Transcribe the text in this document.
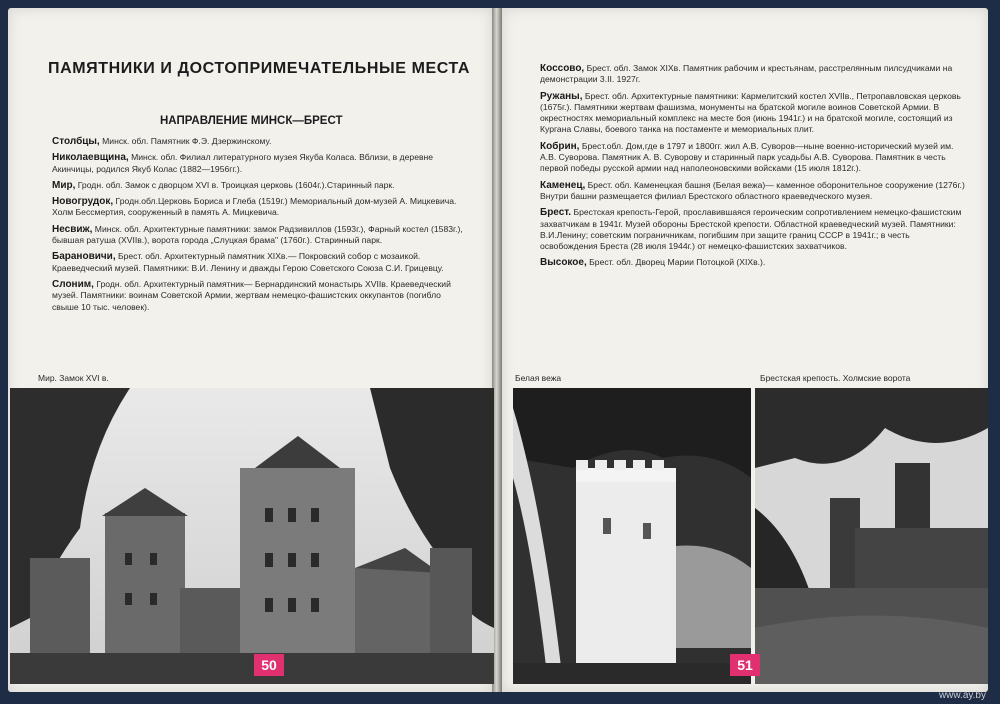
ПАМЯТНИКИ И ДОСТОПРИМЕЧАТЕЛЬНЫЕ МЕСТА
НАПРАВЛЕНИЕ МИНСК—БРЕСТ

Столбцы, Минск. обл. Памятник Ф.Э. Дзержинскому.

Николаевщина, Минск. обл. Филиал литературного музея Якуба Коласа. Вблизи, в деревне Акинчицы, родился Якуб Колас (1882—1956гг.).

Мир, Гродн. обл. Замок с дворцом XVI в. Троицкая церковь (1604г.).Старинный парк.

Новогрудок, Гродн.обл.Церковь Бориса и Глеба (1519г.) Мемориальный дом-музей А. Мицкевича. Холм Бессмертия, сооруженный в память А. Мицкевича.

Несвиж, Минск. обл. Архитектурные памятники: замок Радзивиллов (1593г.), Фарный костел (1583г.), бывшая ратуша (XVIIв.), ворота города „Слуцкая брама" (1760г.). Старинный парк.

Барановичи, Брест. обл. Архитектурный памятник XIXв.— Покровский собор с мозаикой. Краеведческий музей. Памятники: В.И. Ленину и дважды Герою Советского Союза С.И. Грицевцу.

Слоним, Гродн. обл. Архитектурный памятник— Бернардинский монастырь XVIIв. Краеведческий музей. Памятники: воинам Советской Армии, жертвам немецко-фашистских оккупантов (погибло свыше 10 тыс. человек).

Коссово, Брест. обл. Замок XIXв. Памятник рабочим и крестьянам, расстрелянным пилсудчиками на демонстрации 3.II. 1927г.

Ружаны, Брест. обл. Архитектурные памятники: Кармелитский костел XVIIв., Петропавловская церковь (1675г.). Памятники жертвам фашизма, монументы на братской могиле воинов Советской Армии. В окрестностях мемориальный комплекс на месте боя (июнь 1941г.) и на братской могиле, состоящий из Кургана Славы, боевого танка на постаменте и мемориальных плит.

Кобрин, Брест.обл. Дом,где в 1797 и 1800гг. жил А.В. Суворов—ныне военно-исторический музей им. А.В. Суворова. Памятник А. В. Суворову и старинный парк усадьбы А.В. Суворова. Памятник в честь первой победы русской армии над наполеоновскими войсками (15 июля 1812г.).

Каменец, Брест. обл. Каменецкая башня (Белая вежа)— каменное оборонительное сооружение (1276г.) Внутри башни размещается филиал Брестского областного краеведческого музея.

Брест. Брестская крепость-Герой, прославившаяся героическим сопротивлением немецко-фашистским захватчикам в 1941г. Музей обороны Брестской крепости. Областной краеведческий музей. Памятники: В.И.Ленину; советским пограничникам, погибшим при защите границ СССР в 1941г.; в честь освобождения Бреста (28 июля 1944г.) от немецко-фашистских захватчиков.

Высокое, Брест. обл. Дворец Марии Потоцкой (XIXв.).

Мир. Замок XVI в.	Белая вежа	Брестская крепость. Холмские ворота
50	51
www.ay.by
